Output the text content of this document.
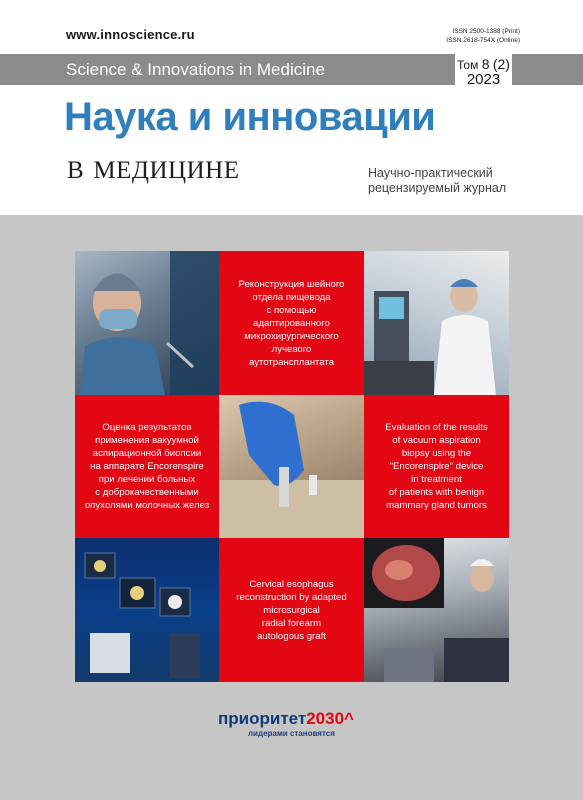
www.innoscience.ru	ISSN 2500-1388 (Print)
ISSN 2618-754X (Online)
Science & Innovations in Medicine	Том 8 (2)
2023
Наука и инновации
в медицине	Научно-практический
рецензируемый журнал
Реконструкция шейного
отдела пищевода
с помощью
адаптированного
микрохирургического
лучевого
аутотрансплантата
Оценка результатов
применения вакуумной
аспирационной биопсии
на аппарате Encorenspire
при лечении больных
с доброкачественными
опухолями молочных желез
Evaluation of the results
of vacuum aspiration
biopsy using the
"Encorenspire" device
in treatment
of patients with benign
mammary gland tumors
Cervical esophagus
reconstruction by adapted
microsurgical
radial forearm
autologous graft
приоритет2030^
лидерами становятся
